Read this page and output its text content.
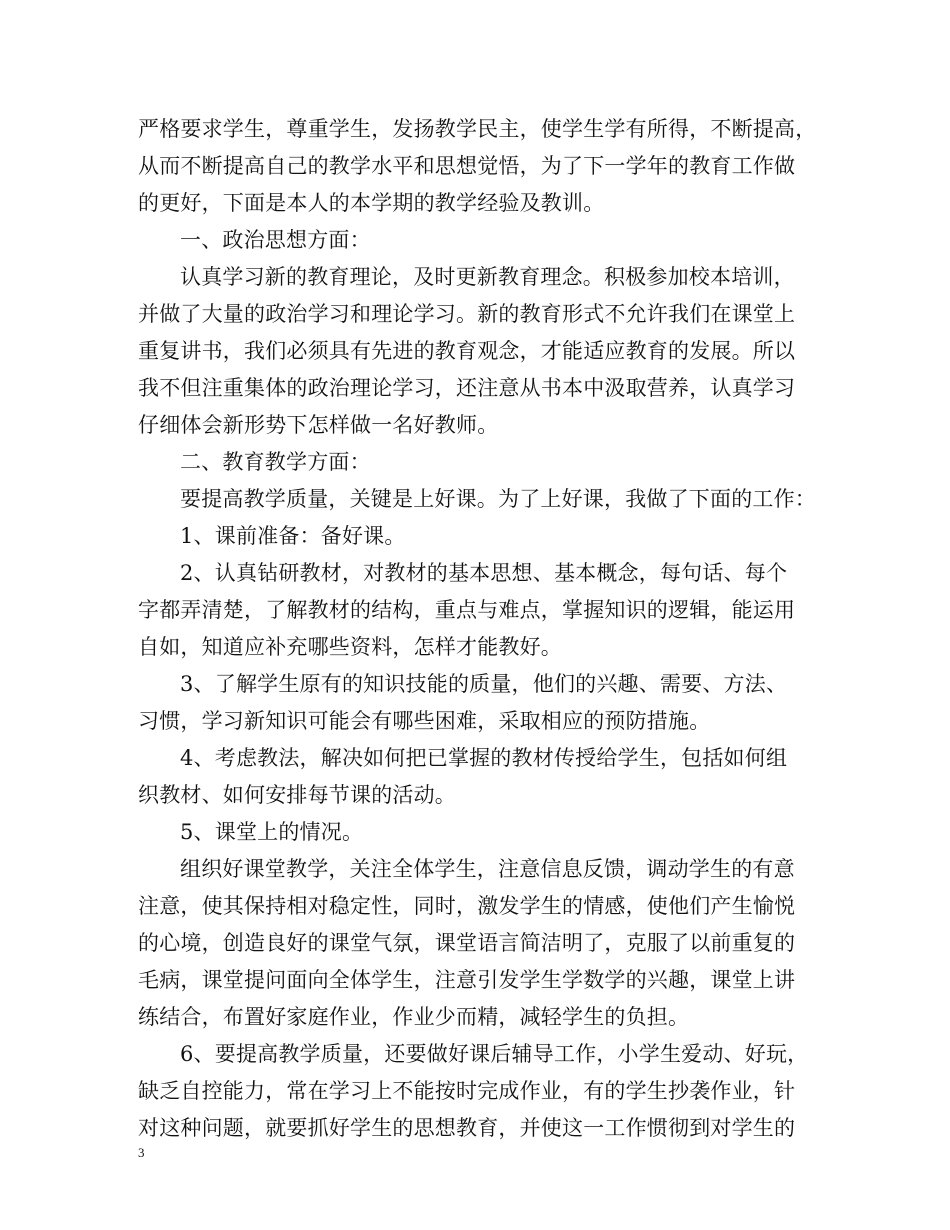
严格要求学生，尊重学生，发扬教学民主，使学生学有所得，不断提高，
从而不断提高自己的教学水平和思想觉悟，为了下一学年的教育工作做
的更好，下面是本人的本学期的教学经验及教训。
一、政治思想方面：
认真学习新的教育理论，及时更新教育理念。积极参加校本培训，
并做了大量的政治学习和理论学习。新的教育形式不允许我们在课堂上
重复讲书，我们必须具有先进的教育观念，才能适应教育的发展。所以
我不但注重集体的政治理论学习，还注意从书本中汲取营养，认真学习
仔细体会新形势下怎样做一名好教师。
二、教育教学方面：
要提高教学质量，关键是上好课。为了上好课，我做了下面的工作：
1、课前准备：备好课。
2、认真钻研教材，对教材的基本思想、基本概念，每句话、每个
字都弄清楚，了解教材的结构，重点与难点，掌握知识的逻辑，能运用
自如，知道应补充哪些资料，怎样才能教好。
3、了解学生原有的知识技能的质量，他们的兴趣、需要、方法、
习惯，学习新知识可能会有哪些困难，采取相应的预防措施。
4、考虑教法，解决如何把已掌握的教材传授给学生，包括如何组
织教材、如何安排每节课的活动。
5、课堂上的情况。
组织好课堂教学，关注全体学生，注意信息反馈，调动学生的有意
注意，使其保持相对稳定性，同时，激发学生的情感，使他们产生愉悦
的心境，创造良好的课堂气氛，课堂语言简洁明了，克服了以前重复的
毛病，课堂提问面向全体学生，注意引发学生学数学的兴趣，课堂上讲
练结合，布置好家庭作业，作业少而精，减轻学生的负担。
6、要提高教学质量，还要做好课后辅导工作，小学生爱动、好玩，
缺乏自控能力，常在学习上不能按时完成作业，有的学生抄袭作业，针
对这种问题，就要抓好学生的思想教育，并使这一工作惯彻到对学生的
3
